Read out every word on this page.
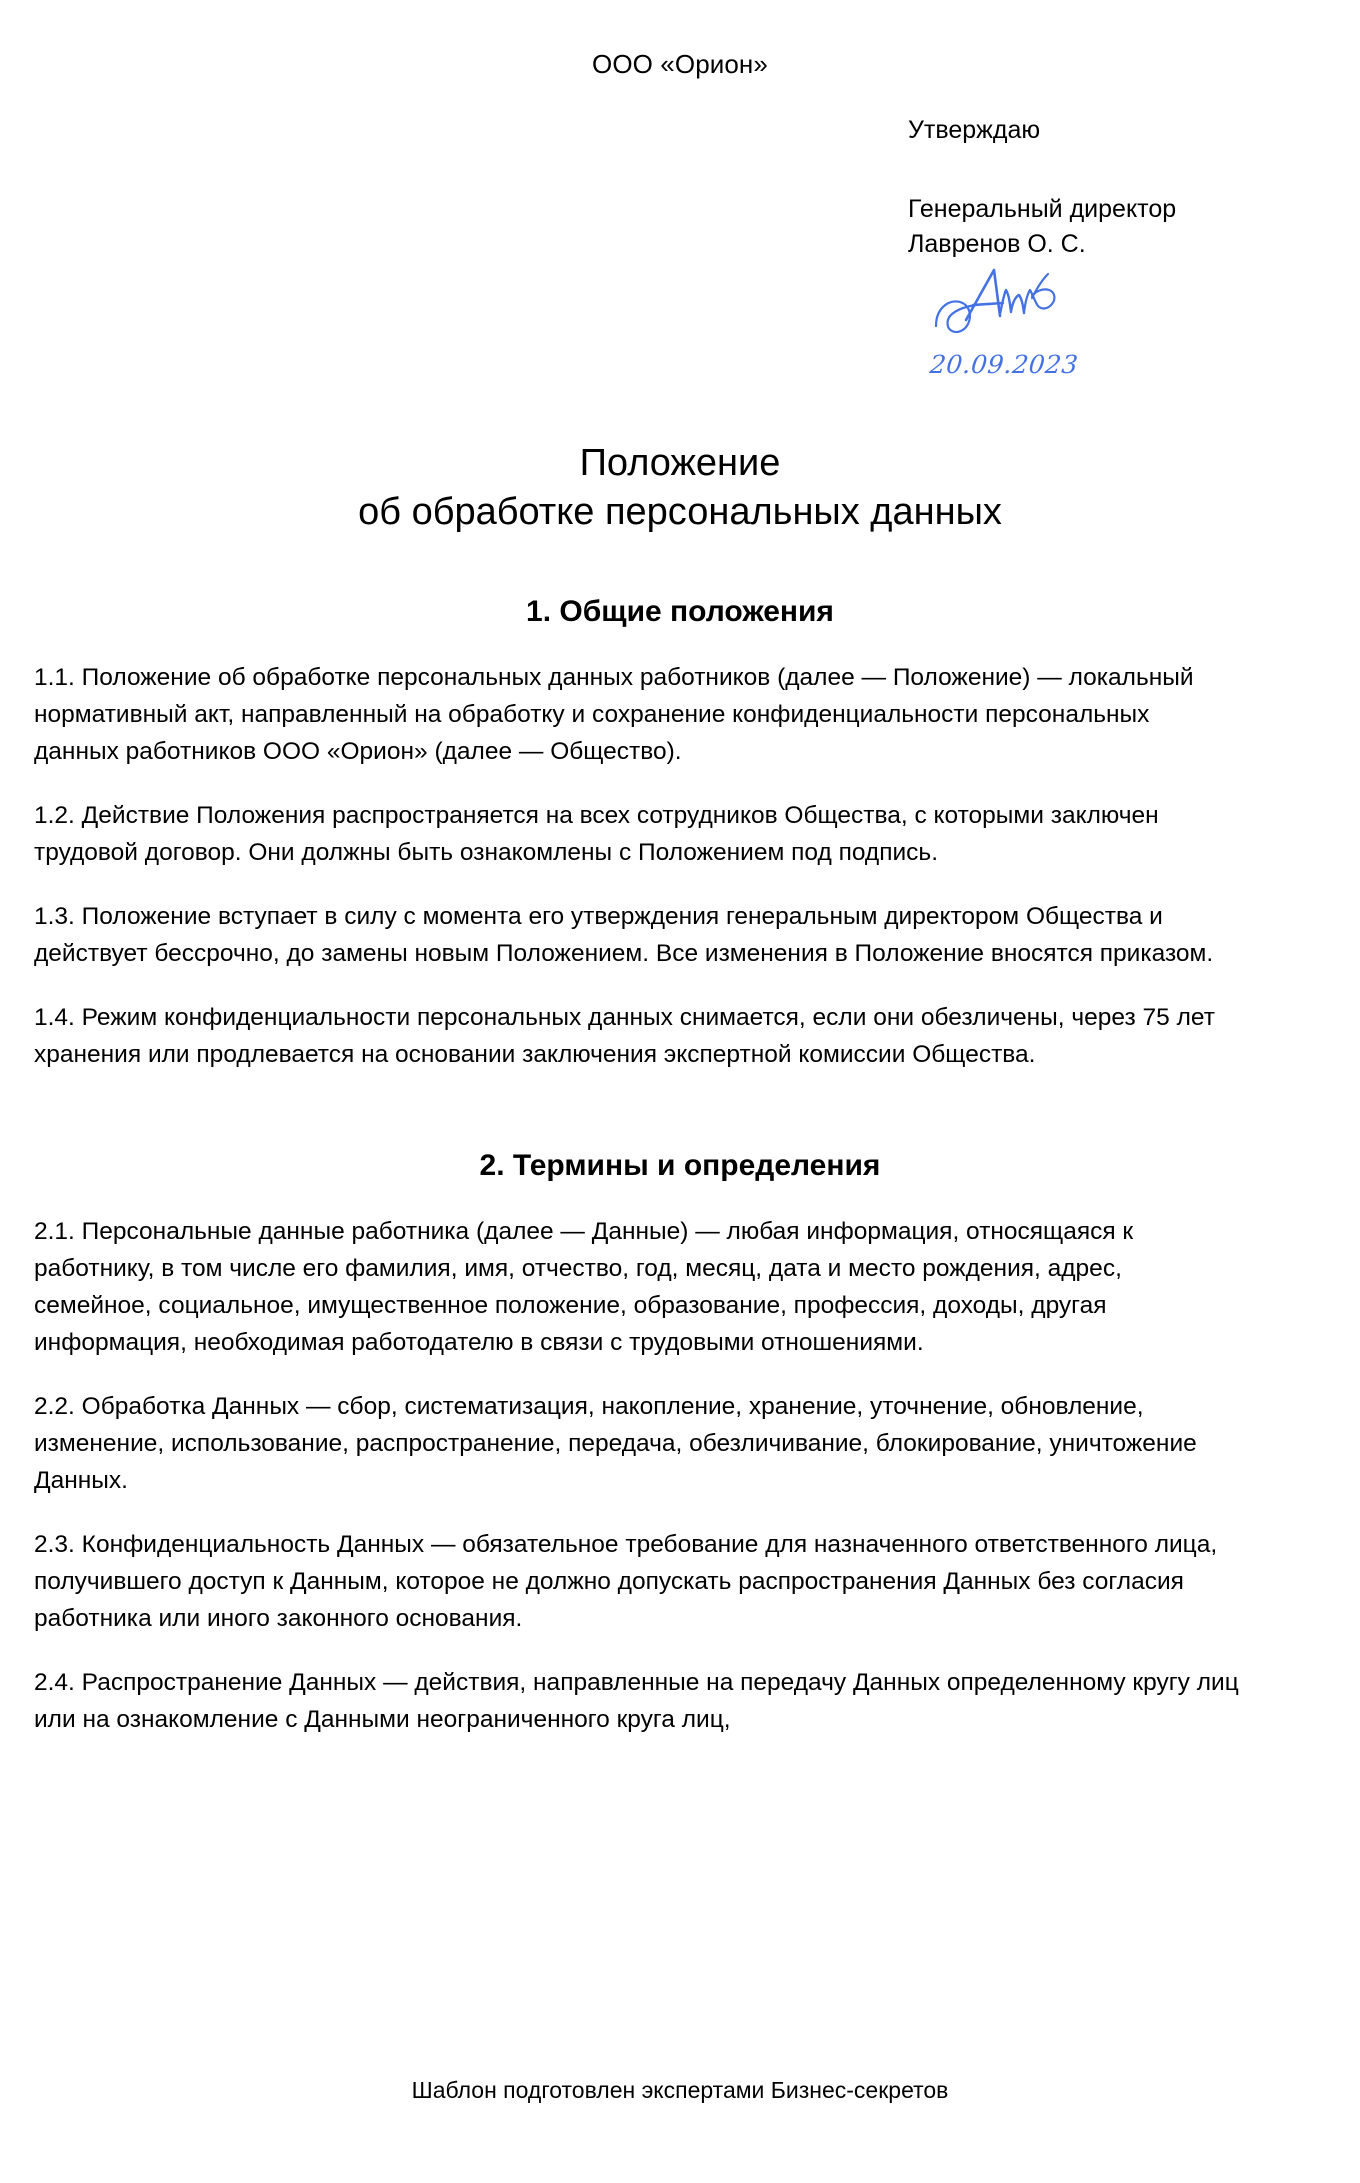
ООО «Орион»
Утверждаю
Генеральный директор
Лавренов О. С.
20.09.2023
Положение
об обработке персональных данных
1. Общие положения

1.1. Положение об обработке персональных данных работников (далее — Положение) — локальный нормативный акт, направленный на обработку и сохранение конфиденциальности персональных данных работников ООО «Орион» (далее — Общество).

1.2. Действие Положения распространяется на всех сотрудников Общества, с которыми заключен трудовой договор. Они должны быть ознакомлены с Положением под подпись.

1.3. Положение вступает в силу с момента его утверждения генеральным директором Общества и действует бессрочно, до замены новым Положением. Все изменения в Положение вносятся приказом.

1.4. Режим конфиденциальности персональных данных снимается, если они обезличены, через 75 лет хранения или продлевается на основании заключения экспертной комиссии Общества.

2. Термины и определения

2.1. Персональные данные работника (далее — Данные) — любая информация, относящаяся к работнику, в том числе его фамилия, имя, отчество, год, месяц, дата и место рождения, адрес, семейное, социальное, имущественное положение, образование, профессия, доходы, другая информация, необходимая работодателю в связи с трудовыми отношениями.

2.2. Обработка Данных — сбор, систематизация, накопление, хранение, уточнение, обновление, изменение, использование, распространение, передача, обезличивание, блокирование, уничтожение Данных.

2.3. Конфиденциальность Данных — обязательное требование для назначенного ответственного лица, получившего доступ к Данным, которое не должно допускать распространения Данных без согласия работника или иного законного основания.

2.4. Распространение Данных — действия, направленные на передачу Данных определенному кругу лиц или на ознакомление с Данными неограниченного круга лиц,

Шаблон подготовлен экспертами Бизнес-секретов
